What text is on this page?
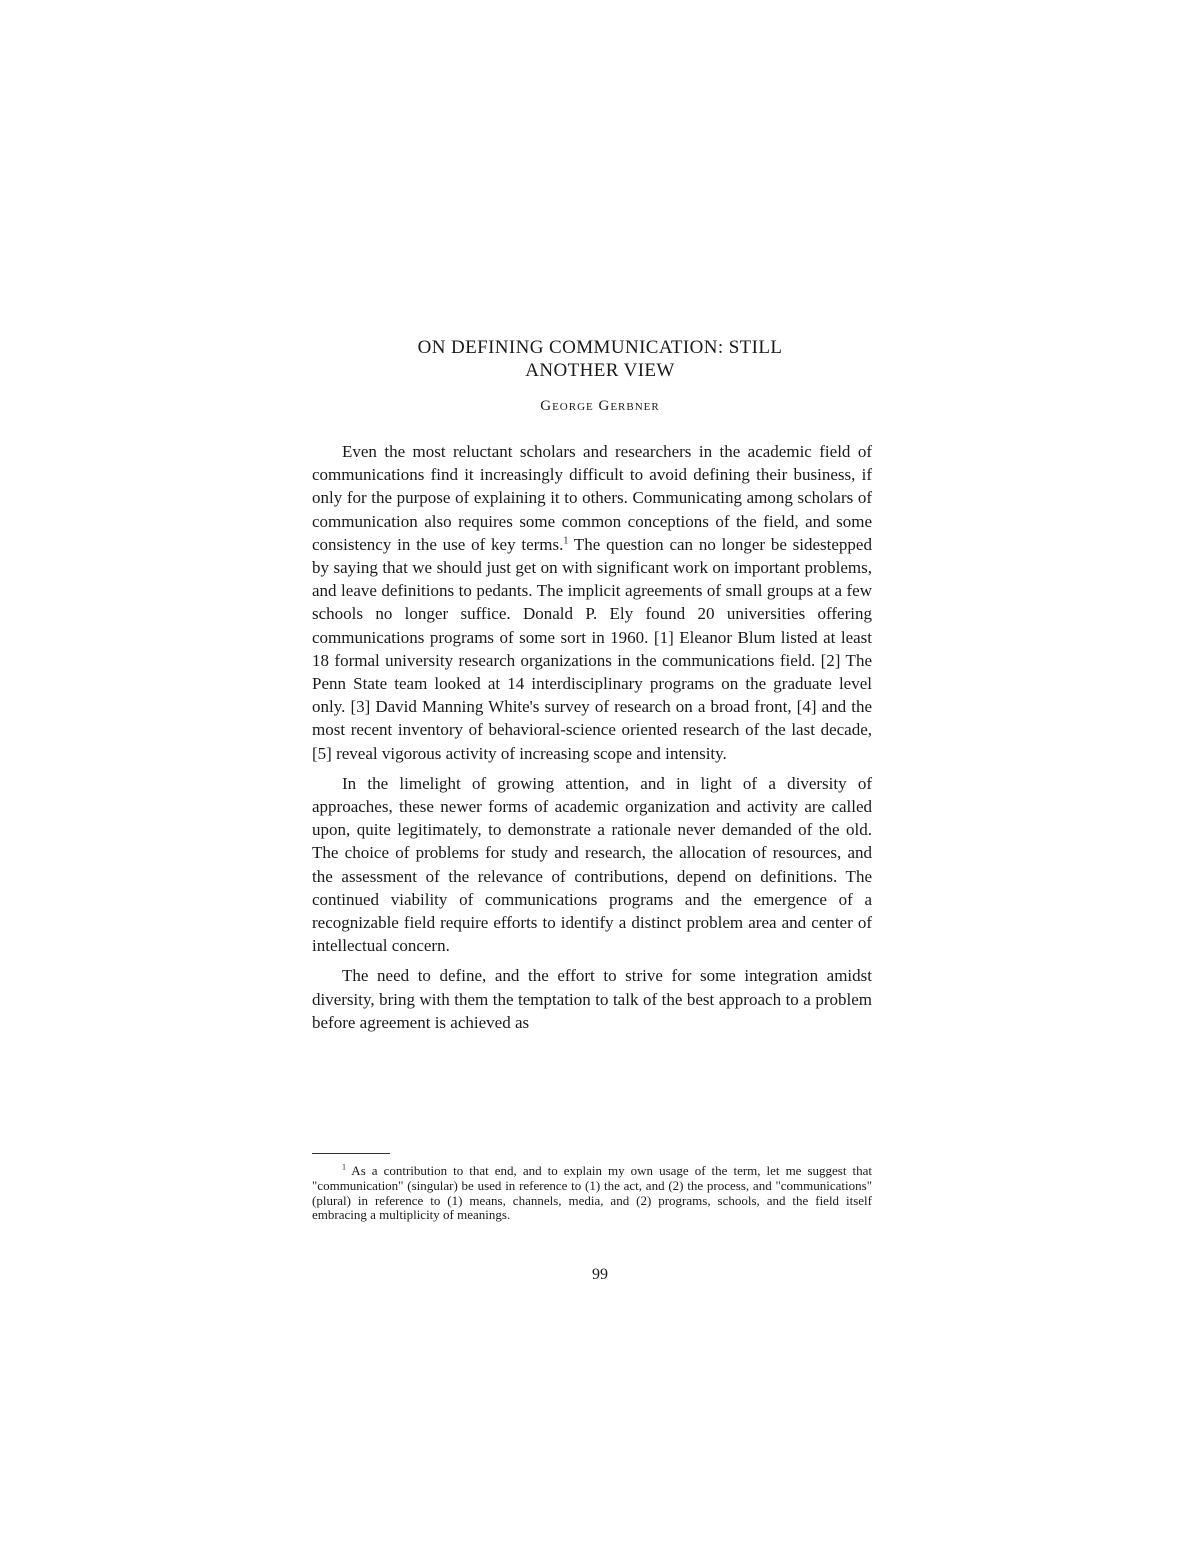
ON DEFINING COMMUNICATION: STILL
ANOTHER VIEW
George Gerbner

Even the most reluctant scholars and researchers in the academic field of communications find it increasingly difficult to avoid defining their business, if only for the purpose of explaining it to others. Communicating among scholars of communication also requires some common conceptions of the field, and some consistency in the use of key terms.$^1$ The question can no longer be sidestepped by saying that we should just get on with significant work on important problems, and leave definitions to pedants. The implicit agreements of small groups at a few schools no longer suffice. Donald P. Ely found 20 universities offering communications programs of some sort in 1960. [1] Eleanor Blum listed at least 18 formal university research organizations in the communications field. [2] The Penn State team looked at 14 interdisciplinary programs on the graduate level only. [3] David Manning White's survey of research on a broad front, [4] and the most recent inventory of behavioral-science oriented research of the last decade, [5] reveal vigorous activity of increasing scope and intensity.

In the limelight of growing attention, and in light of a diversity of approaches, these newer forms of academic organization and activity are called upon, quite legitimately, to demonstrate a rationale never demanded of the old. The choice of problems for study and research, the allocation of resources, and the assessment of the relevance of contributions, depend on definitions. The continued viability of communications programs and the emergence of a recognizable field require efforts to identify a distinct problem area and center of intellectual concern.

The need to define, and the effort to strive for some integration amidst diversity, bring with them the temptation to talk of the best approach to a problem before agreement is achieved as

$^1$ As a contribution to that end, and to explain my own usage of the term, let me suggest that "communication" (singular) be used in reference to (1) the act, and (2) the process, and "communications" (plural) in reference to (1) means, channels, media, and (2) programs, schools, and the field itself embracing a multiplicity of meanings.
99
